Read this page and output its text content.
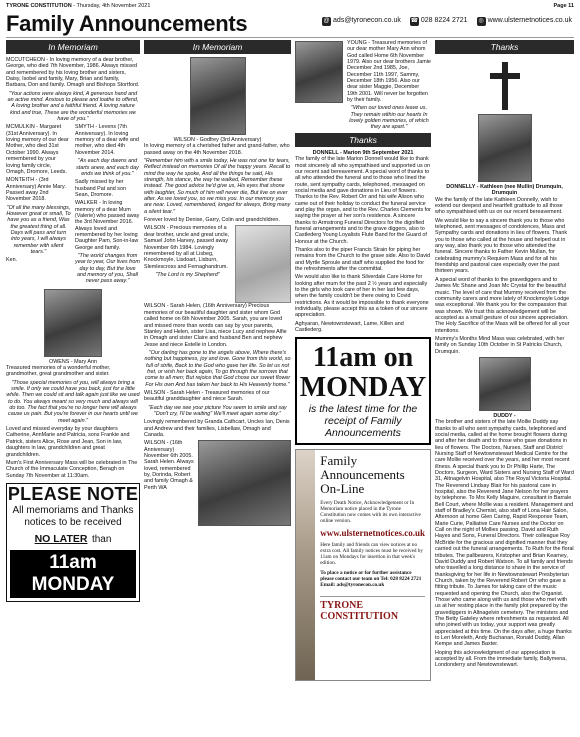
TYRONE CONSTITUTION - Thursday, 4th November 2021	Page 11
Family Announcements	@ ads@tyronecon.co.uk ☎ 028 8224 2721	◎ www.ulsternetnotices.co.uk
In Memoriam

MCCUTCHEON - In loving memory of a dear brother, George, who died 7th November, 1986. Always missed and remembered by his loving brother and sisters, Daisy, Isobel and family, Mary, Brian and family, Barbara, Don and family. Omagh and Bishops Stortford.

"Your actions were always kind, A generous hand and an active mind. Anxious to please and loathe to offend, A loving brother and a faithful friend. A loving nature kind and true, These are the wonderful memories we have of you."

MCMULKIN - Margaret (31st Anniversary). In loving memory of our dear Mother, who died 31st October 1990. Always remembered by your loving family circle, Omagh, Dromore, Leeds.

MONTEITH - (3rd Anniversary) Annie Mary. Passed away 2nd November 2018.

"Of all the many blessings, However great or small, To have you as a friend, Was the greatest thing of all. Days will pass and turn into years, I will always remember with silent tears."

Ken.

SMYTH - Levens (7th Anniversary). In loving memory of a dear wife and mother, who died 4th November 2014.

"As each day dawns and starts anew, and each day ends we think of you."

Sadly missed by her husband Pat and son Sean, Dromore.

WALKER - In loving memory of a dear Mum (Valerie) who passed away the 3rd November 2016. Always loved and remembered by her loving Daughter Pam, Son-in-law George and family.

"The world changes from year to year, Our lives from day to day, But the love and memory of you, Shall never pass away."

OWENS - Mary Ann

Treasured memories of a wonderful mother, grandmother, great grandmother and sister.

"Those special memories of you, will always bring a smile. If only we could have you back, just for a little while. Then we could sit and talk again just like we used to do. You always meant so very much and always will do too. The fact that you're no longer here will always cause us pain. But you're forever in our hearts until we meet again."

Loved and missed everyday by your daughters Catherine, AnnMarie and Patricia, sons Frankie and Patrick, sisters Alice, Rose and Jean, Son in law, daughters in law, grandchildren and great grandchildren.

Mum's First Anniversary Mass will be celebrated in The Church of the Immaculate Conception, Beragh on Sunday 7th November at 11:30am.

PLEASE NOTE
All memoriams and Thanks notices to be received
NO LATER than
11am MONDAY
In Memoriam
WILSON - Godfrey (3rd Anniversary)

In loving memory of a cherished father and grand-father, who passed away on the 4th November 2018.

"Remember him with a smile today, He was not one for tears, Reflect instead on memories Of all the happy years. Recall to mind the way he spoke, And all the things he said, His strength, his stance, the way he walked, Remember these instead. The good advice he'd give us, His eyes that shone with laughter, So much of him will never die, But live on ever after. As we loved you, so we miss you. In our memory you are near. Loved, remembered, longed for always, Bring many a silent tear."

Forever loved by Denise, Garry, Colin and grandchildren.

WILSON - Precious memories of a dear brother, uncle and great uncle, Samuel John Harvey, passed away November 6th 1984. Lovingly remembered by all at Lisbeg, Knockmoyle, Lisdoart, Lisburn, Slemlescross and Fernaghandrum.

"The Lord is my Shepherd"

WILSON - Sarah Helen, (16th Anniversary) Precious memories of our beautiful daughter and sister whom God called home on 6th November 2005. Sarah, you are loved and missed more than words can say by your parents, Stanley and Helen, sister Lisa, niece Lucy and nephew Alfie in Omagh and sister Claire and husband Ben and nephew Jesse and niece Estelle in London.

"Our darling has gone to the angels above, Where there's nothing but happiness, joy and love. Gone from this world, so full of strife, Back to the God who gave her life. So let us not fret, or wish her back again, To go through the sorrows that come to all men; But rejoice that God chose our sweet flower For His own And has taken her back to His Heavenly home."

WILSON - Sarah Helen - Treasured memories of our beautiful granddaughter and niece Sarah.

"Each day we see your picture You seem to smile and say "Don't cry, I'll be waiting" We'll meet again some day."

Lovingly remembered by Granda Cathcart, Uncles Ian, Denis and Andrew and their families, Lisbellaw, Omagh and Canada.

WILSON - (16th Anniversary) November 6th 2005. Sarah Helen. Always loved, remembered by, Dorinda, Robert and family Omagh & Perth WA

YOUNG - Treasured memories of our dear mother Mary Ann whom God called Home 6th November 1979. Also our dear brothers Jamie December 2nd 1985, Joe, December 11th 1997, Sammy, December 18th 1956. Also our dear sister Maggie, December 19th 2001. Will never be forgotten by their family.

"When our loved ones leave us, They remain within our hearts In lovely golden memories, of which they are apart."

Thanks
DONNELL - Marion 9th September 2021

The family of the late Marion Donnell would like to thank most sincerely all who sympathised and supported us on our recent sad bereavement. A special word of thanks to all who attended the funeral and to those who lined the route, sent sympathy cards, telephoned, messaged on social media and gave donations in Lieu of flowers. Thanks to the Rev. Robert Orr and his wife Alison who came out of their holiday to conduct the funeral service and play the organ, and to the Rev. Charles Clements for saying the prayer at her son's residence. A sincere thanks to Armstrong Funeral Directors for the dignified funeral arrangements and to the grave diggers, also to Castlederg Young Loyalists Flute Band for the Guard of Honour at the Church.

Thanks also to the piper Francis Strain for piping her remains from the Church to the grave side. Also to David and Myrtle Sproule and staff who supplied the food for the refreshments after the committal.

We would also like to thank Silverdale Care Home for looking after mum for the past 2 ½ years and especially to the girls who took care of her in her last few days, when the family couldn't be there owing to Covid restrictions. As it would be impossible to thank everyone individually, please accept this as a token of our sincere appreciation.

Aghyaran, Newtownstewart, Lame, Killen and Castlederg.

11am on
MONDAY
is the latest time for the receipt of Family Announcements
Family Announcements On-Line
Every Death Notice, Acknowledgement or In Memoriam notice placed in the Tyrone Constitution now comes with its own interactive online version.
www.ulsternetnotices.co.uk
Here family and friends can view notices at no extra cost. All family notices must be received by 11am on Mondays for insertion in that week's edition.
To place a notice or for further assistance please contact our team on Tel: 028 8224 2721 Email: ads@tyronecon.co.uk
TYRONE CONSTITUTION
Thanks
DONNELLY - Kathleen (nee Mullin) Drumquin, Drumquin

We the family of the late Kathleen Donnelly, wish to extend our deepest and heartfelt gratitude to all those who sympathised with us on our recent bereavement.

We would like to say a sincere thank you to those who telephoned, sent messages of condolences, Mass and Sympathy cards and donations in lieu of flowers. Thank you to those who called at the house and helped out in any way, also thank you to those who attended the funeral. Sincere thanks to Father Kevin Mullan, for celebrating mummy's Requiem Mass and for all his friendship and pastoral care especially over the past thirteen years.

A special word of thanks to the gravediggers and to James Mc Shane and Joan Mc Crystal for the beautiful music. The level of care that Mummy received from the community carers and more lately of Knockmoyle Lodge was exceptional. We thank you for the compassion that was shown. We trust this acknowledgement will be accepted as a small gesture of our sincere appreciation. The Holy Sacrifice of the Mass will be offered for all your intentions.

Mummy's Months Mind Mass was celebrated, with her family on Sunday 10th October in St Patricks Church, Drumquin.

DUDDY -

The brother and sisters of the late Mollie Duddy say thanks to all who sent sympathy cards, telephoned and social media, called at the home brought flowers during and after her death and to those who gave donations in lieu of flowers. The Doctors, Nurses, Staff and District Nursing Staff of Newtownstewart Medical Centre for the care Mollie received over the years, and her most recent illness. A special thank you to Dr Phillip Harte, The Doctors, Surgeon, Ward Sisters and Nursing Staff of Ward 31, Altnagelvin Hospital, also The Royal Victoria Hospital. The Reverend Lindsay Blair for his pastoral care in hospital, also the Reverend Jane Nelson for her prayers by telephone. To Mrs Kelly Maguire, consultant in Barrale Bell Court, where Mollie was a resident. Management and staff of Bradley's Chemist, also staff of Lona Hair Salon, Afternoon at home Glen Caring, Rapid Response Team, Marie Curie, Palliative Care Nurses and the Doctor on Call on the night of Mollies passing. David and Ruth Hayes and Sons, Funeral Directors. Their colleague Roy McBride for the gracious and dignified manner that they carried out the funeral arrangements. To Ruth for the floral tributes. The pallbearers, Kristopher and Brian Kearney, David Duddy and Robert Watson. To all family and friends who travelled a long distance to share in the service of thanksgiving for her life in Newtownstewart Presbyterian Church, taken by the Reverend Robert Orr who gave a fitting tribute. To James for taking care of the music requested and opening the Church, also the Organist. Those who came along with us and those who met with us at her resting place in the family plot prepared by the gravediggers in Altnagelvin cemetery. The ministers and The Betty Gateley where refreshments as requested. All who joined with us today, your support was greatly appreciated at this time. On the days after, a huge thanks to Leri Moreleth, Andy Buchanan, Ronald Duddy, Allan Kempe and James Baxter.

Hoping this acknowledgment of our appreciation is accepted by all. From the immediate family, Ballymena, Londonderry and Newtownstewart.
